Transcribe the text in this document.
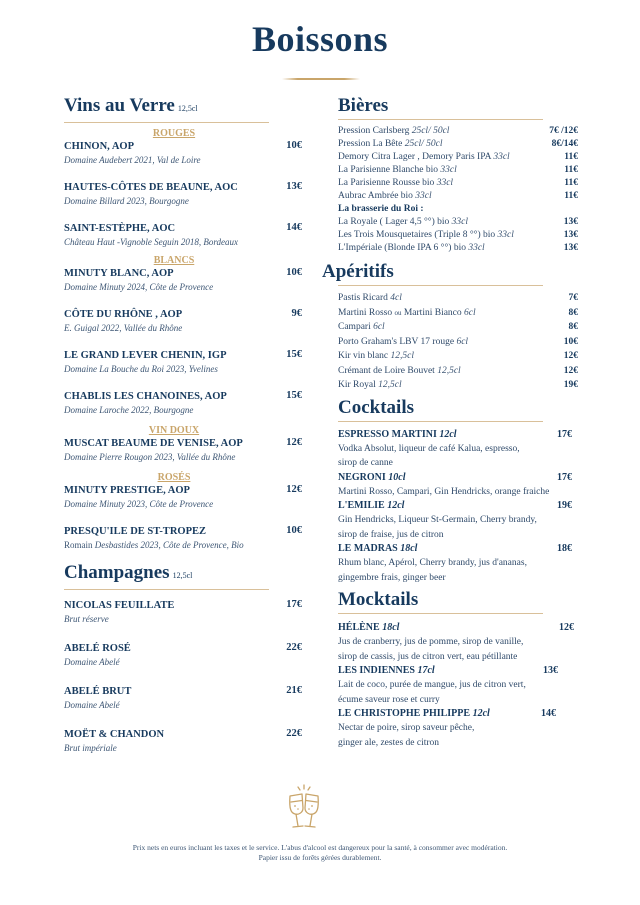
Boissons
Vins au Verre 12,5cl
ROUGES
CHINON, AOP
Domaine Audebert 2021, Val de Loire
10€
HAUTES-CÔTES DE BEAUNE, AOC
Domaine Billard 2023, Bourgogne
13€
SAINT-ESTÈPHE, AOC
Château Haut -Vignoble Seguin 2018, Bordeaux
14€
BLANCS
MINUTY BLANC, AOP
Domaine Minuty 2024, Côte de Provence
10€
CÔTE DU RHÔNE , AOP
E. Guigal 2022, Vallée du Rhône
9€
LE GRAND LEVER CHENIN, IGP
Domaine La Bouche du Roi 2023, Yvelines
15€
CHABLIS LES CHANOINES, AOP
Domaine Laroche 2022, Bourgogne
15€
VIN DOUX
MUSCAT BEAUME DE VENISE, AOP
Domaine Pierre Rougon 2023, Vallée du Rhône
12€
ROSÉS
MINUTY PRESTIGE, AOP
Domaine Minuty 2023, Côte de Provence
12€
PRESQU'ILE DE ST-TROPEZ
Romain Desbastides 2023, Côte de Provence, Bio
10€
Champagnes 12,5cl
NICOLAS FEUILLATE
Brut réserve
17€
ABELÉ ROSÉ
Domaine Abelé
22€
ABELÉ BRUT
Domaine Abelé
21€
MOËT & CHANDON
Brut impériale
22€
Bières
Pression Carlsberg 25cl/ 50cl	7€ /12€
Pression La Bête 25cl/ 50cl	8€/14€
Demory Citra Lager , Demory Paris IPA 33cl	11€
La Parisienne Blanche bio 33cl	11€
La Parisienne Rousse bio 33cl	11€
Aubrac Ambrée bio 33cl	11€
La brasserie du Roi :
La Royale ( Lager 4,5 °°) bio 33cl	13€
Les Trois Mousquetaires (Triple 8 °°) bio 33cl	13€
L'Impériale (Blonde IPA 6 °°) bio 33cl	13€
Apéritifs
Pastis Ricard 4cl	7€
Martini Rosso ou Martini Bianco 6cl	8€
Campari 6cl	8€
Porto Graham's LBV 17 rouge 6cl	10€
Kir vin blanc 12,5cl	12€
Crémant de Loire Bouvet 12,5cl	12€
Kir Royal 12,5cl	19€
Cocktails
ESPRESSO MARTINI 12cl	17€
Vodka Absolut, liqueur de café Kalua, espresso,
sirop de canne
NEGRONI 10cl	17€
Martini Rosso, Campari, Gin Hendricks, orange fraiche
L'EMILIE 12cl	19€
Gin Hendricks, Liqueur St-Germain, Cherry brandy,
sirop de fraise, jus de citron
LE MADRAS 18cl	18€
Rhum blanc, Apérol, Cherry brandy, jus d'ananas,
gingembre frais, ginger beer
Mocktails
HÉLÈNE 18cl	12€
Jus de cranberry, jus de pomme, sirop de vanille,
sirop de cassis, jus de citron vert, eau pétillante
LES INDIENNES 17cl	13€
Lait de coco, purée de mangue, jus de citron vert,
écume saveur rose et curry
LE CHRISTOPHE PHILIPPE 12cl	14€
Nectar de poire, sirop saveur pêche,
ginger ale, zestes de citron
Prix nets en euros incluant les taxes et le service. L'abus d'alcool est dangereux pour la santé, à consommer avec modération.
Papier issu de forêts gérées durablement.
